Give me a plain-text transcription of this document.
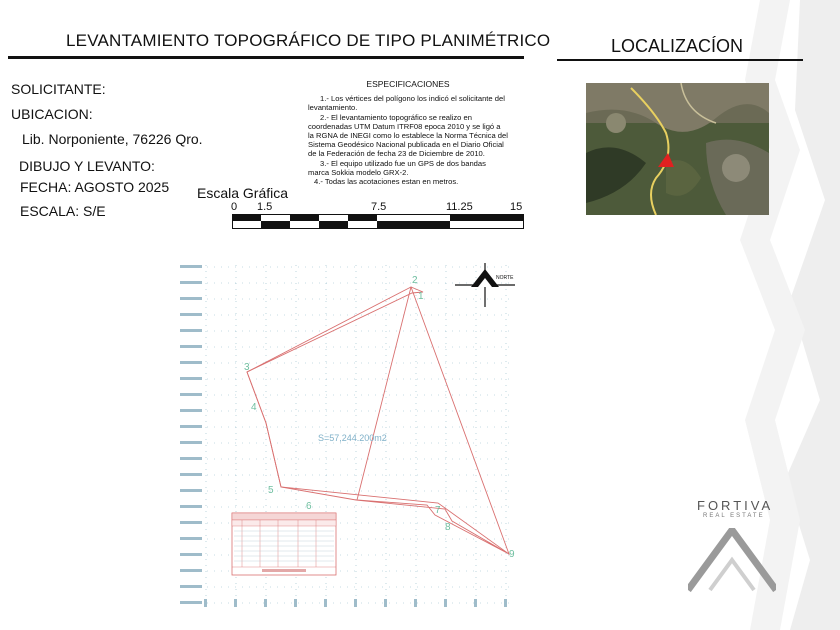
LEVANTAMIENTO TOPOGRÁFICO DE TIPO PLANIMÉTRICO	LOCALIZACÍON
SOLICITANTE:
UBICACION:
Lib. Norponiente, 76226 Qro.
DIBUJO Y LEVANTO:
FECHA: AGOSTO 2025
ESCALA: S/E
ESPECIFICACIONES

1.- Los vértices del polígono los indicó el solicitante del levantamiento.

2.- El levantamiento topográfico se realizo en coordenadas UTM Datum ITRF08 epoca 2010 y se ligó a la RGNA de INEGI como lo establece la Norma Técnica del Sistema Geodésico Nacional publicada en el Diario Oficial de la Federación de fecha 23 de Diciembre de 2010.

3.- El equipo utilizado fue un GPS de dos bandas marca Sokkia modelo GRX-2.

4.- Todas las acotaciones estan en metros.

Escala Gráfica
0 1.5	7.5	11.25	15
FORTIVA
REAL ESTATE
NORTE
1
2
3
4
5
6	7
8
9
S=57,244.200m2
